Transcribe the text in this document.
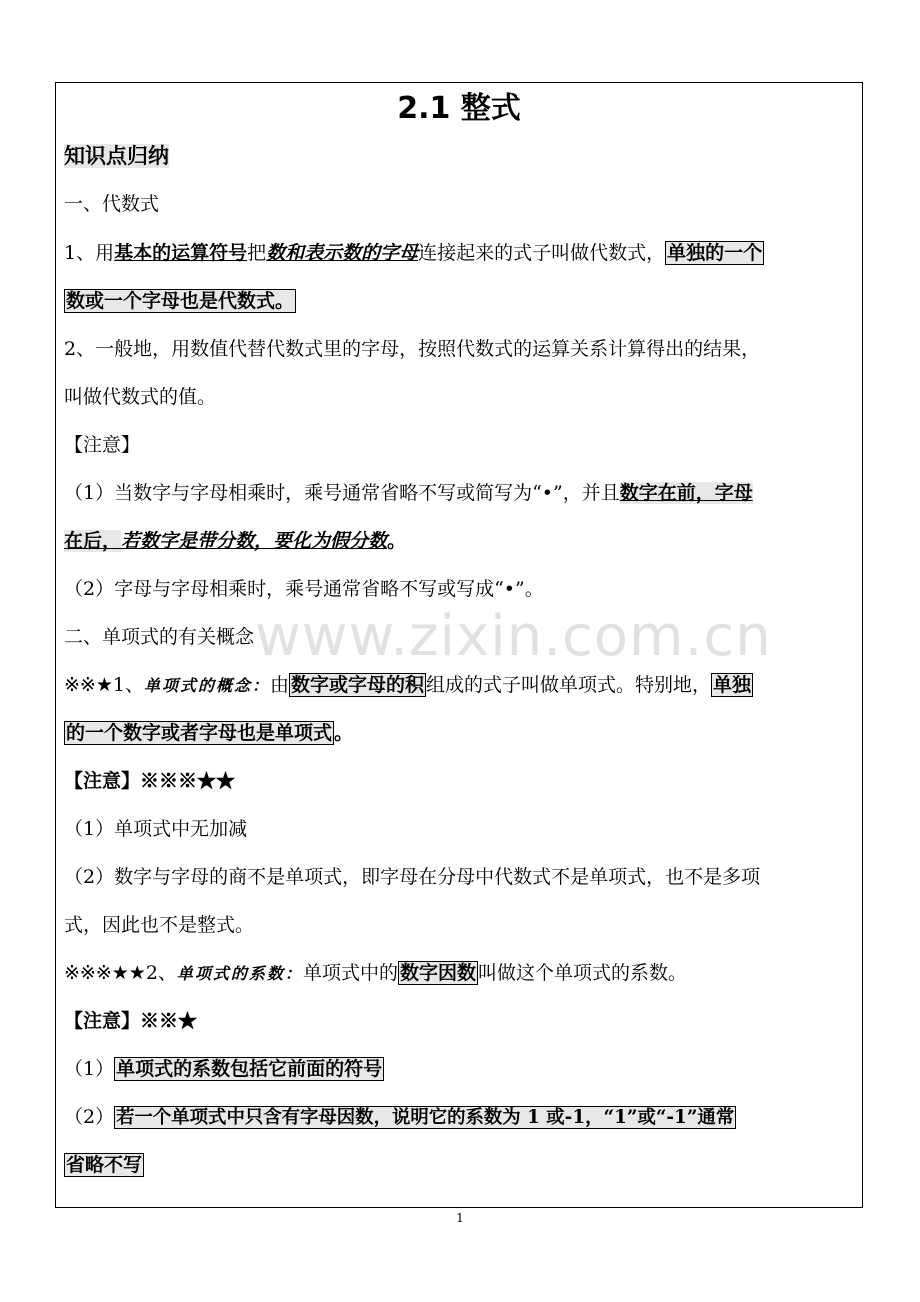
2.1 整式
知识点归纳
一、代数式
1、用基本的运算符号把数和表示数的字母连接起来的式子叫做代数式， 单独的一个
数或一个字母也是代数式。
2、一般地，用数值代替代数式里的字母，按照代数式的运算关系计算得出的结果，
叫做代数式的值。
【注意】
（1）当数字与字母相乘时，乘号通常省略不写或简写为“•”，并且数字在前，字母
在后，若数字是带分数，要化为假分数。
（2）字母与字母相乘时，乘号通常省略不写或写成“•”。
二、单项式的有关概念
※※★1、单项式的概念：由 数字或字母的积 组成的式子叫做单项式。特别地， 单独
的一个数字或者字母也是单项式 。
【注意】※※※★★
（1）单项式中无加减
（2）数字与字母的商不是单项式，即字母在分母中代数式不是单项式，也不是多项
式，因此也不是整式。
※※※★★2、单项式的系数：单项式中的 数字因数 叫做这个单项式的系数。
【注意】※※★
（1） 单项式的系数包括它前面的符号
（2） 若一个单项式中只含有字母因数，说明它的系数为 1 或-1，“1”或“-1”通常
省略不写
www.zixin.com.cn
1
